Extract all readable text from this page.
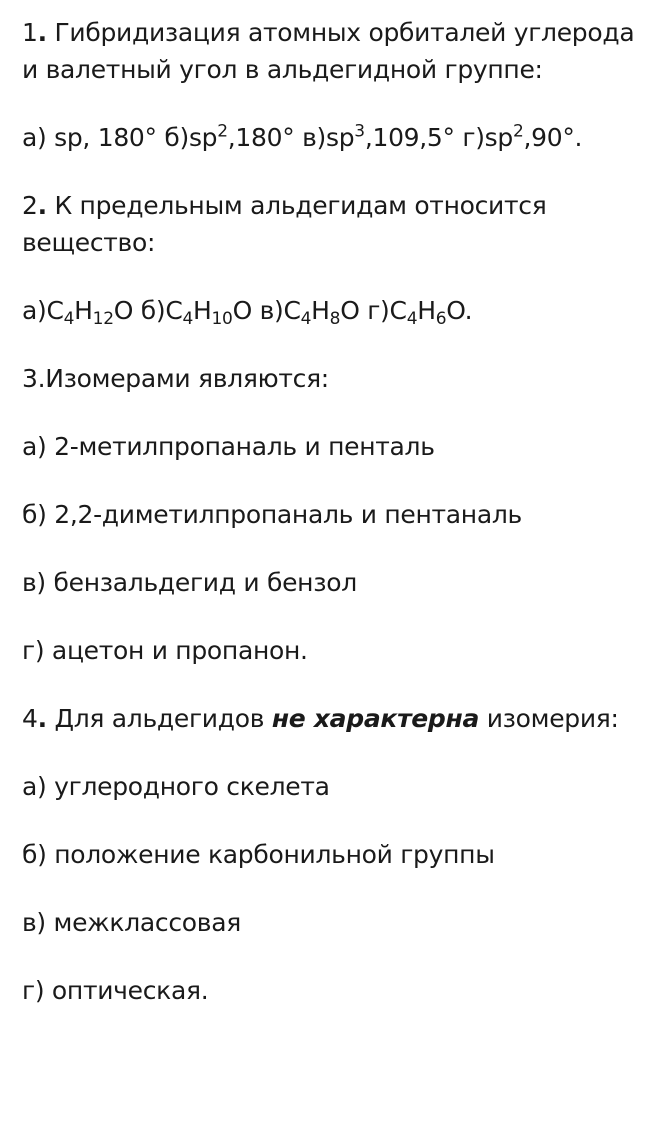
1. Гибридизация атомных орбиталей углерода и валетный угол в альдегидной группе:

а) sp, 180° $б)sp^2,180^\circ$ $в)sp^3,109,5^\circ$ $г)sp^2,90^\circ$.

2. К предельным альдегидам относится вещество:

$а)C_4H_{12}O$ $б)C_4H_{10}O$ $в)C_4H_8O$ $г)C_4H_6O$.

3.Изомерами являются:

а) 2-метилпропаналь и пенталь

б) 2,2-диметилпропаналь и пентаналь

в) бензальдегид и бензол

г) ацетон и пропанон.

4. Для альдегидов не характерна изомерия:

а) углеродного скелета

б) положение карбонильной группы

в) межклассовая

г) оптическая.
